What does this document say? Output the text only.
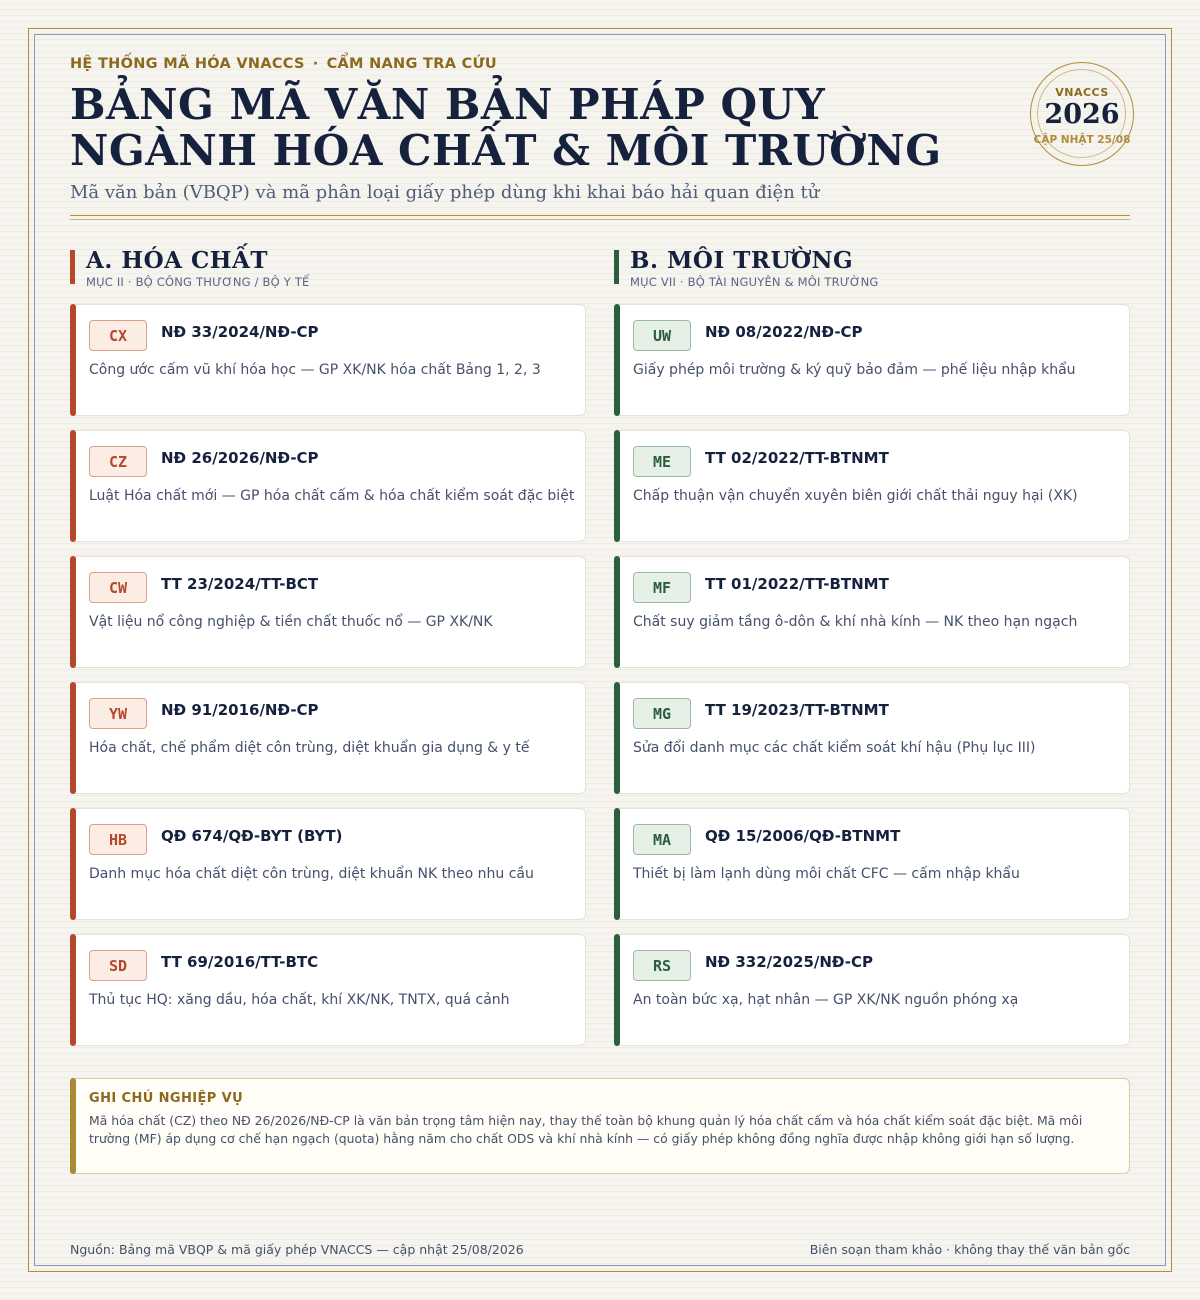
HỆ THỐNG MÃ HÓA VNACCS · CẨM NANG TRA CỨU
BẢNG MÃ VĂN BẢN PHÁP QUY NGÀNH HÓA CHẤT & MÔI TRƯỜNG
Mã văn bản (VBQP) và mã phân loại giấy phép dùng khi khai báo hải quan điện tử
VNACCS
2026
CẬP NHẬT 25/08
A. HÓA CHẤT
MỤC II · BỘ CÔNG THƯƠNG / BỘ Y TẾ
B. MÔI TRƯỜNG
MỤC VII · BỘ TÀI NGUYÊN & MÔI TRƯỜNG
CX	NĐ 33/2024/NĐ-CP
Công ước cấm vũ khí hóa học — GP XK/NK hóa chất Bảng 1, 2, 3
CZ	NĐ 26/2026/NĐ-CP
Luật Hóa chất mới — GP hóa chất cấm & hóa chất kiểm soát đặc biệt
CW	TT 23/2024/TT-BCT
Vật liệu nổ công nghiệp & tiền chất thuốc nổ — GP XK/NK
YW	NĐ 91/2016/NĐ-CP
Hóa chất, chế phẩm diệt côn trùng, diệt khuẩn gia dụng & y tế
HB	QĐ 674/QĐ-BYT (BYT)
Danh mục hóa chất diệt côn trùng, diệt khuẩn NK theo nhu cầu
SD	TT 69/2016/TT-BTC
Thủ tục HQ: xăng dầu, hóa chất, khí XK/NK, TNTX, quá cảnh
UW	NĐ 08/2022/NĐ-CP
Giấy phép môi trường & ký quỹ bảo đảm — phế liệu nhập khẩu
ME	TT 02/2022/TT-BTNMT
Chấp thuận vận chuyển xuyên biên giới chất thải nguy hại (XK)
MF	TT 01/2022/TT-BTNMT
Chất suy giảm tầng ô-dôn & khí nhà kính — NK theo hạn ngạch
MG	TT 19/2023/TT-BTNMT
Sửa đổi danh mục các chất kiểm soát khí hậu (Phụ lục III)
MA	QĐ 15/2006/QĐ-BTNMT
Thiết bị làm lạnh dùng môi chất CFC — cấm nhập khẩu
RS	NĐ 332/2025/NĐ-CP
An toàn bức xạ, hạt nhân — GP XK/NK nguồn phóng xạ
GHI CHÚ NGHIỆP VỤ
Mã hóa chất (CZ) theo NĐ 26/2026/NĐ-CP là văn bản trọng tâm hiện nay, thay thế toàn bộ khung quản lý hóa chất cấm và hóa chất kiểm soát đặc biệt. Mã môi trường (MF) áp dụng cơ chế hạn ngạch (quota) hằng năm cho chất ODS và khí nhà kính — có giấy phép không đồng nghĩa được nhập không giới hạn số lượng.
Nguồn: Bảng mã VBQP & mã giấy phép VNACCS — cập nhật 25/08/2026	Biên soạn tham khảo · không thay thế văn bản gốc
